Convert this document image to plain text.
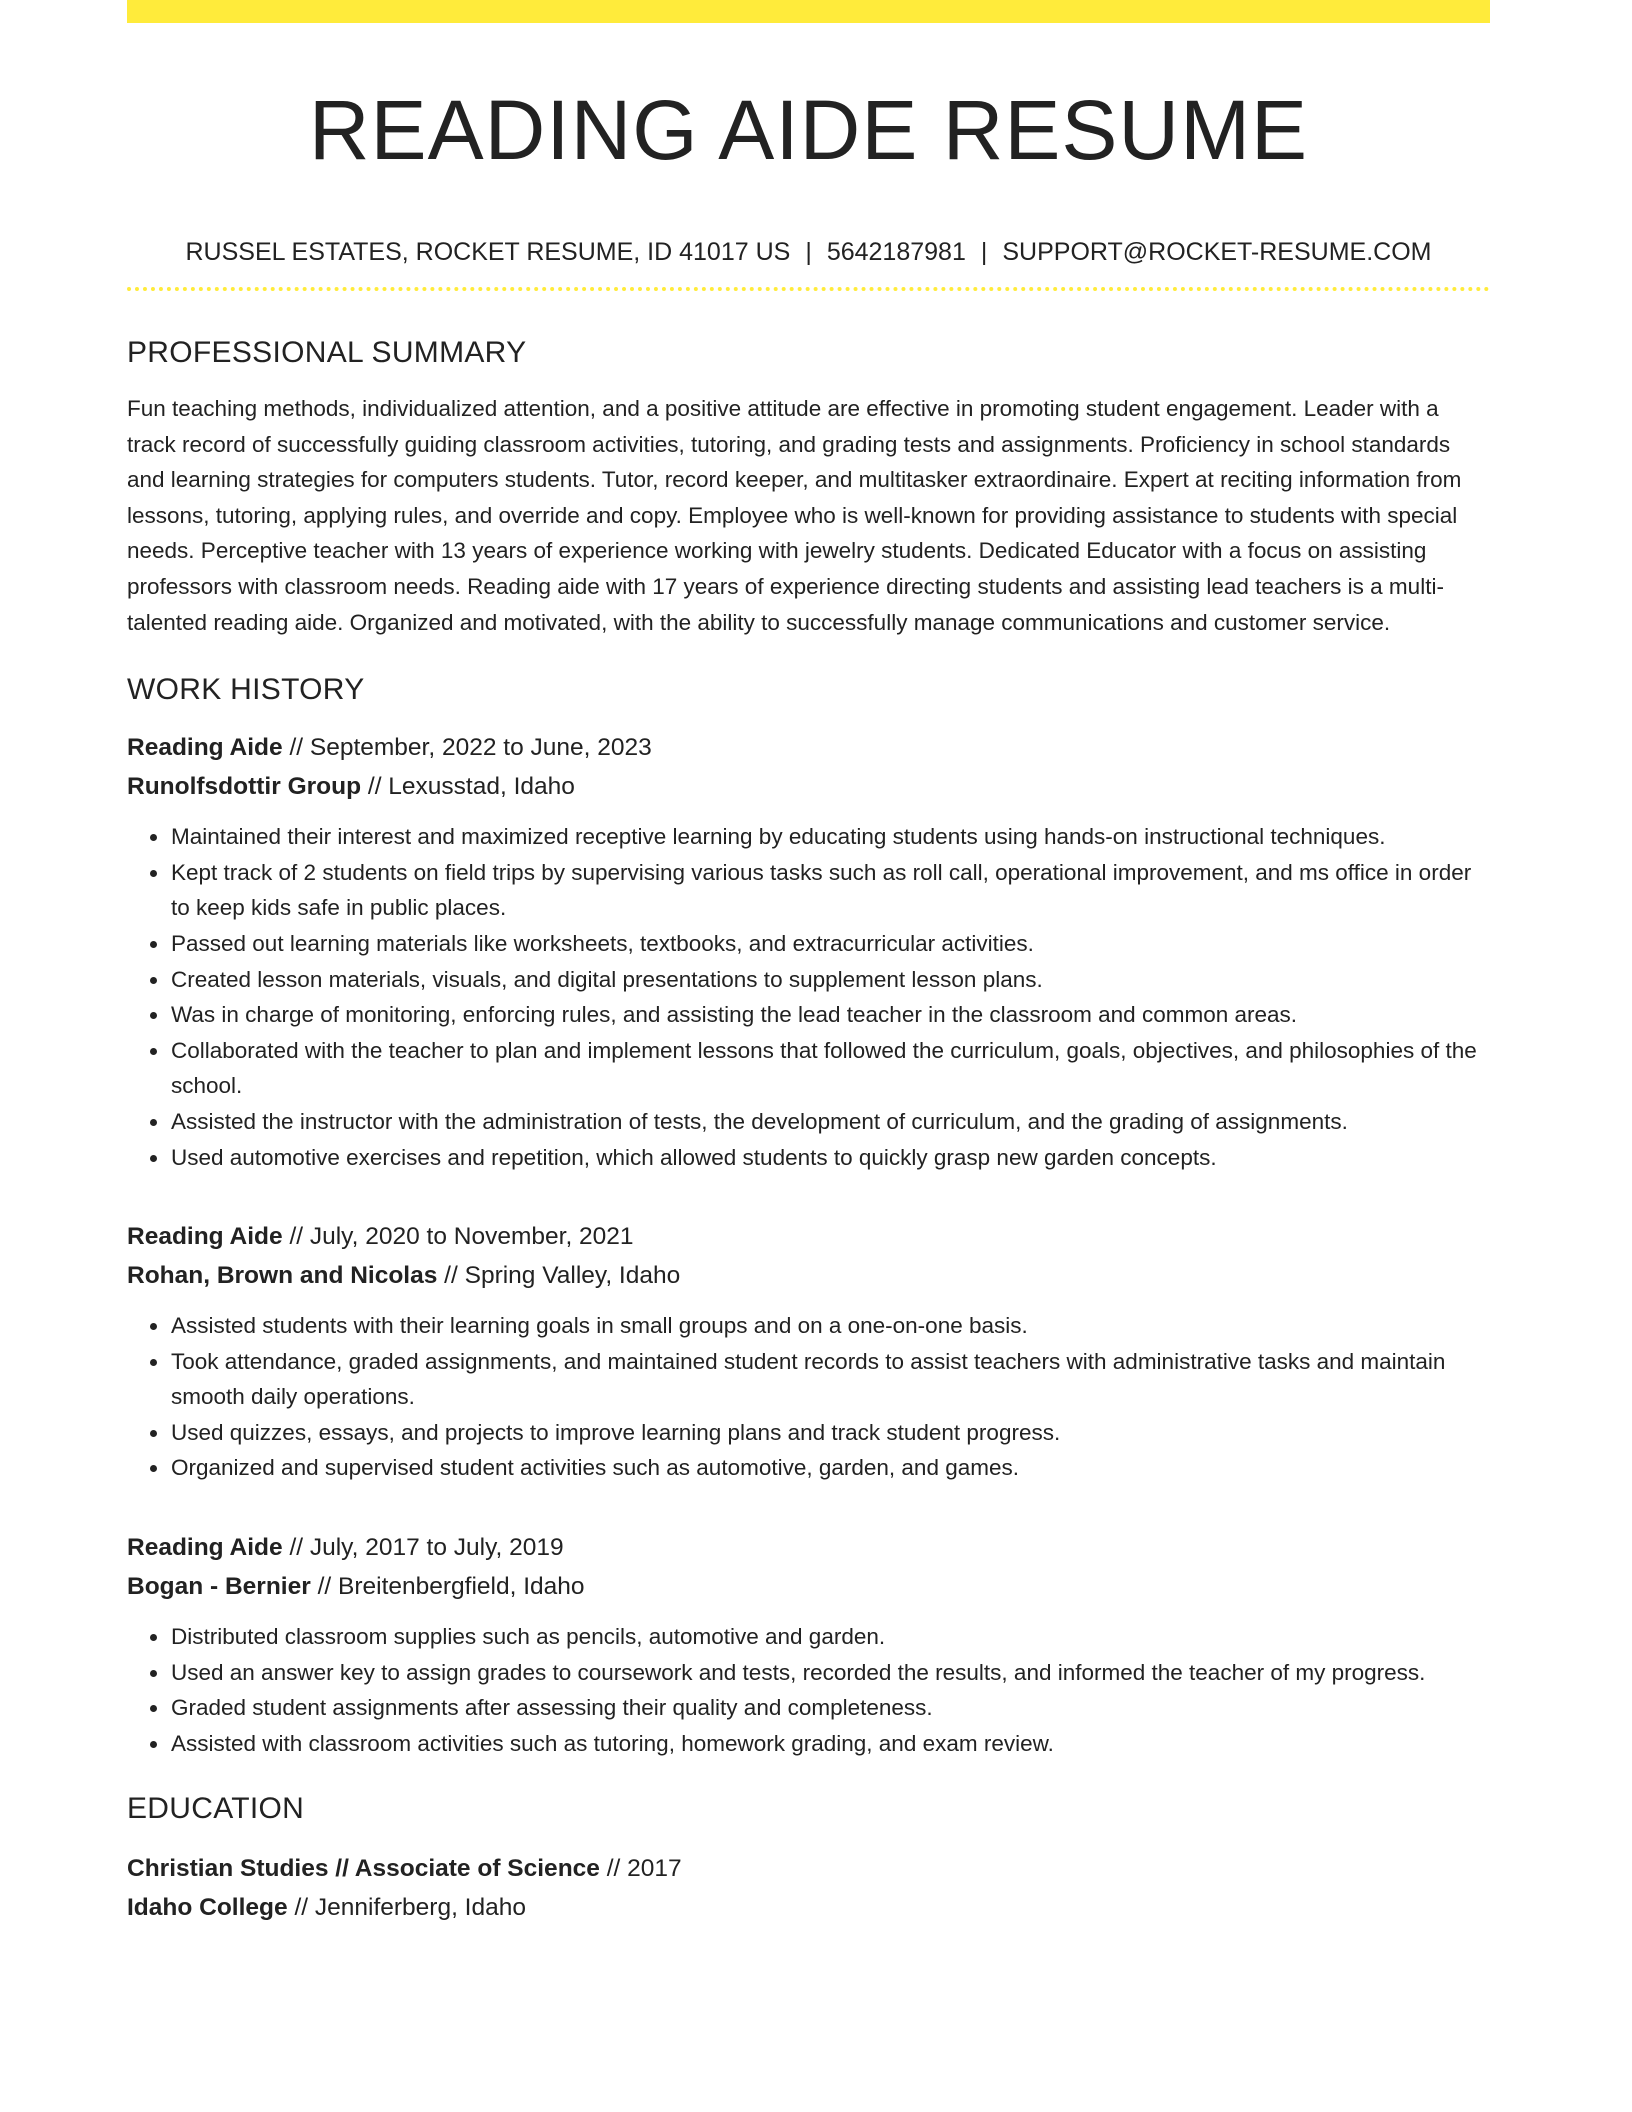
READING AIDE RESUME
RUSSEL ESTATES, ROCKET RESUME, ID 41017 US | 5642187981 | SUPPORT@ROCKET-RESUME.COM
PROFESSIONAL SUMMARY

Fun teaching methods, individualized attention, and a positive attitude are effective in promoting student engagement. Leader with a track record of successfully guiding classroom activities, tutoring, and grading tests and assignments. Proficiency in school standards and learning strategies for computers students. Tutor, record keeper, and multitasker extraordinaire. Expert at reciting information from lessons, tutoring, applying rules, and override and copy. Employee who is well-known for providing assistance to students with special needs. Perceptive teacher with 13 years of experience working with jewelry students. Dedicated Educator with a focus on assisting professors with classroom needs. Reading aide with 17 years of experience directing students and assisting lead teachers is a multi-talented reading aide. Organized and motivated, with the ability to successfully manage communications and customer service.

WORK HISTORY
Reading Aide // September, 2022 to June, 2023
Runolfsdottir Group // Lexusstad, Idaho
• Maintained their interest and maximized receptive learning by educating students using hands-on instructional techniques.
• Kept track of 2 students on field trips by supervising various tasks such as roll call, operational improvement, and ms office in order to keep kids safe in public places.
• Passed out learning materials like worksheets, textbooks, and extracurricular activities.
• Created lesson materials, visuals, and digital presentations to supplement lesson plans.
• Was in charge of monitoring, enforcing rules, and assisting the lead teacher in the classroom and common areas.
• Collaborated with the teacher to plan and implement lessons that followed the curriculum, goals, objectives, and philosophies of the school.
• Assisted the instructor with the administration of tests, the development of curriculum, and the grading of assignments.
• Used automotive exercises and repetition, which allowed students to quickly grasp new garden concepts.
Reading Aide // July, 2020 to November, 2021
Rohan, Brown and Nicolas // Spring Valley, Idaho
• Assisted students with their learning goals in small groups and on a one-on-one basis.
• Took attendance, graded assignments, and maintained student records to assist teachers with administrative tasks and maintain smooth daily operations.
• Used quizzes, essays, and projects to improve learning plans and track student progress.
• Organized and supervised student activities such as automotive, garden, and games.
Reading Aide // July, 2017 to July, 2019
Bogan - Bernier // Breitenbergfield, Idaho
• Distributed classroom supplies such as pencils, automotive and garden.
• Used an answer key to assign grades to coursework and tests, recorded the results, and informed the teacher of my progress.
• Graded student assignments after assessing their quality and completeness.
• Assisted with classroom activities such as tutoring, homework grading, and exam review.
EDUCATION
Christian Studies // Associate of Science // 2017
Idaho College // Jenniferberg, Idaho
